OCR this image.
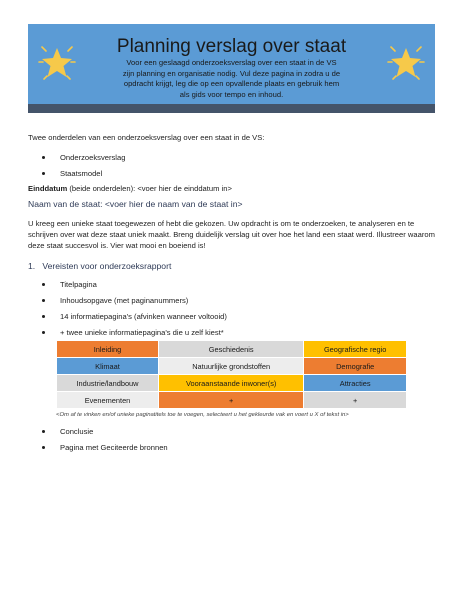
Planning verslag over staat
Voor een geslaagd onderzoeksverslag over een staat in de VS zijn planning en organisatie nodig. Vul deze pagina in zodra u de opdracht krijgt, leg die op een opvallende plaats en gebruik hem als gids voor tempo en inhoud.
Twee onderdelen van een onderzoeksverslag over een staat in de VS:
Onderzoeksverslag
Staatsmodel
Einddatum (beide onderdelen): <voer hier de einddatum in>
Naam van de staat: <voer hier de naam van de staat in>
U kreeg een unieke staat toegewezen of hebt die gekozen. Uw opdracht is om te onderzoeken, te analyseren en te schrijven over wat deze staat uniek maakt. Breng duidelijk verslag uit over hoe het land een staat werd. Illustreer waarom deze staat succesvol is. Vier wat mooi en boeiend is!
1. Vereisten voor onderzoeksrapport
Titelpagina
Inhoudsopgave (met paginanummers)
14 informatiepagina's (afvinken wanneer voltooid)
+ twee unieke informatiepagina's die u zelf kiest*
Inleiding	Geschiedenis	Geografische regio
Klimaat	Natuurlijke grondstoffen	Demografie
Industrie/landbouw	Vooraanstaande inwoner(s)	Attracties
Evenementen	+	+
<Om af te vinken en/of unieke paginatitels toe te voegen, selecteert u het gekleurde vak en voert u X of tekst in>
Conclusie
Pagina met Geciteerde bronnen
